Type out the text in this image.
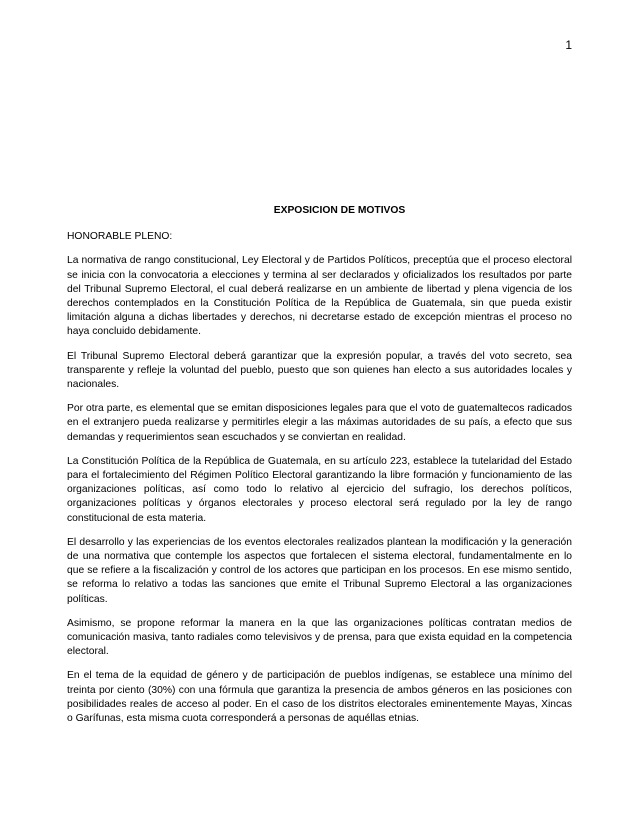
1
EXPOSICION DE MOTIVOS
HONORABLE PLENO:

La normativa de rango constitucional, Ley Electoral y de Partidos Políticos, preceptúa que el proceso electoral se inicia con la convocatoria a elecciones y termina al ser declarados y oficializados los resultados por parte del Tribunal Supremo Electoral, el cual deberá realizarse en un ambiente de libertad y plena vigencia de los derechos contemplados en la Constitución Política de la República de Guatemala, sin que pueda existir limitación alguna a dichas libertades y derechos, ni decretarse estado de excepción mientras el proceso no haya concluido debidamente.

El Tribunal Supremo Electoral deberá garantizar que la expresión popular, a través del voto secreto, sea transparente y refleje la voluntad del pueblo, puesto que son quienes han electo a sus autoridades locales y nacionales.

Por otra parte, es elemental que se emitan disposiciones legales para que el voto de guatemaltecos radicados en el extranjero pueda realizarse y permitirles elegir a las máximas autoridades de su país, a efecto que sus demandas y requerimientos sean escuchados y se conviertan en realidad.

La Constitución Política de la República de Guatemala, en su artículo 223, establece la tutelaridad del Estado para el fortalecimiento del Régimen Político Electoral garantizando la libre formación y funcionamiento de las organizaciones políticas, así como todo lo relativo al ejercicio del sufragio, los derechos políticos, organizaciones políticas y órganos electorales y proceso electoral será regulado por la ley de rango constitucional de esta materia.

El desarrollo y las experiencias de los eventos electorales realizados plantean la modificación y la generación de una normativa que contemple los aspectos que fortalecen el sistema electoral, fundamentalmente en lo que se refiere a la fiscalización y control de los actores que participan en los procesos. En ese mismo sentido, se reforma lo relativo a todas las sanciones que emite el Tribunal Supremo Electoral a las organizaciones políticas.

Asimismo, se propone reformar la manera en la que las organizaciones políticas contratan medios de comunicación masiva, tanto radiales como televisivos y de prensa, para que exista equidad en la competencia electoral.

En el tema de la equidad de género y de participación de pueblos indígenas, se establece una mínimo del treinta por ciento (30%) con una fórmula que garantiza la presencia de ambos géneros en las posiciones con posibilidades reales de acceso al poder. En el caso de los distritos electorales eminentemente Mayas, Xincas o Garífunas, esta misma cuota corresponderá a personas de aquéllas etnias.
